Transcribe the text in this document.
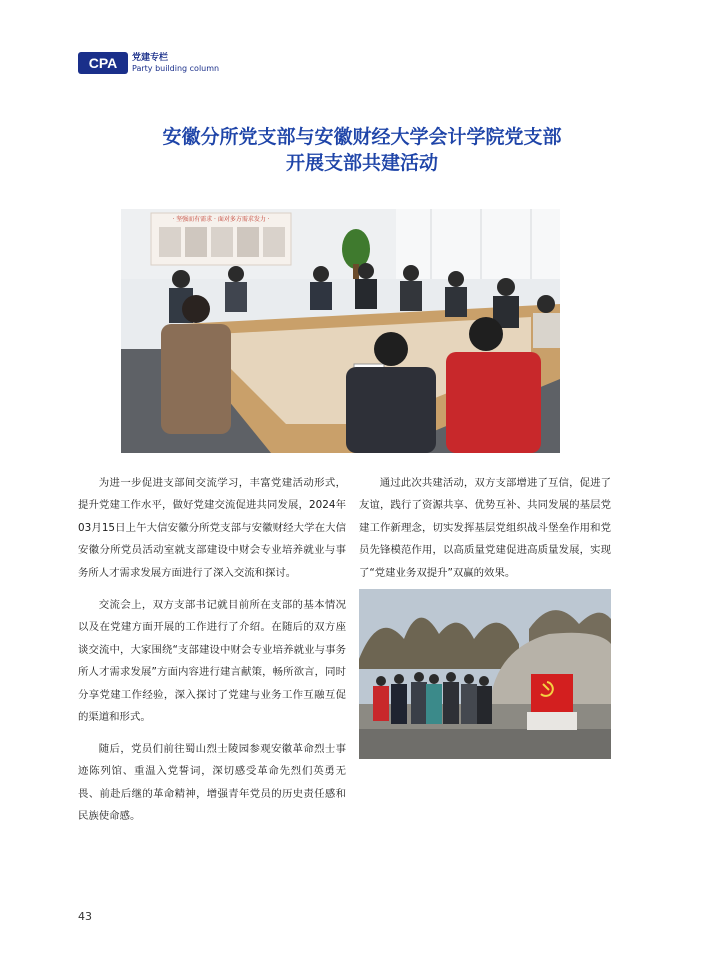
CPA 党建专栏
Party building column
安徽分所党支部与安徽财经大学会计学院党支部
开展支部共建活动
· 坚强而有需求 · 面对多方需求发力 ·

为进一步促进支部间交流学习，丰富党建活动形式，提升党建工作水平，做好党建交流促进共同发展，2024年03月15日上午大信安徽分所党支部与安徽财经大学在大信安徽分所党员活动室就支部建设中财会专业培养就业与事务所人才需求发展方面进行了深入交流和探讨。

交流会上，双方支部书记就目前所在支部的基本情况以及在党建方面开展的工作进行了介绍。在随后的双方座谈交流中，大家围绕“支部建设中财会专业培养就业与事务所人才需求发展”方面内容进行建言献策，畅所欲言，同时分享党建工作经验，深入探讨了党建与业务工作互融互促的渠道和形式。

随后，党员们前往蜀山烈士陵园参观安徽革命烈士事迹陈列馆、重温入党誓词，深切感受革命先烈们英勇无畏、前赴后继的革命精神，增强青年党员的历史责任感和民族使命感。

通过此次共建活动，双方支部增进了互信，促进了友谊，践行了资源共享、优势互补、共同发展的基层党建工作新理念，切实发挥基层党组织战斗堡垒作用和党员先锋模范作用，以高质量党建促进高质量发展，实现了“党建业务双提升”双赢的效果。

43
